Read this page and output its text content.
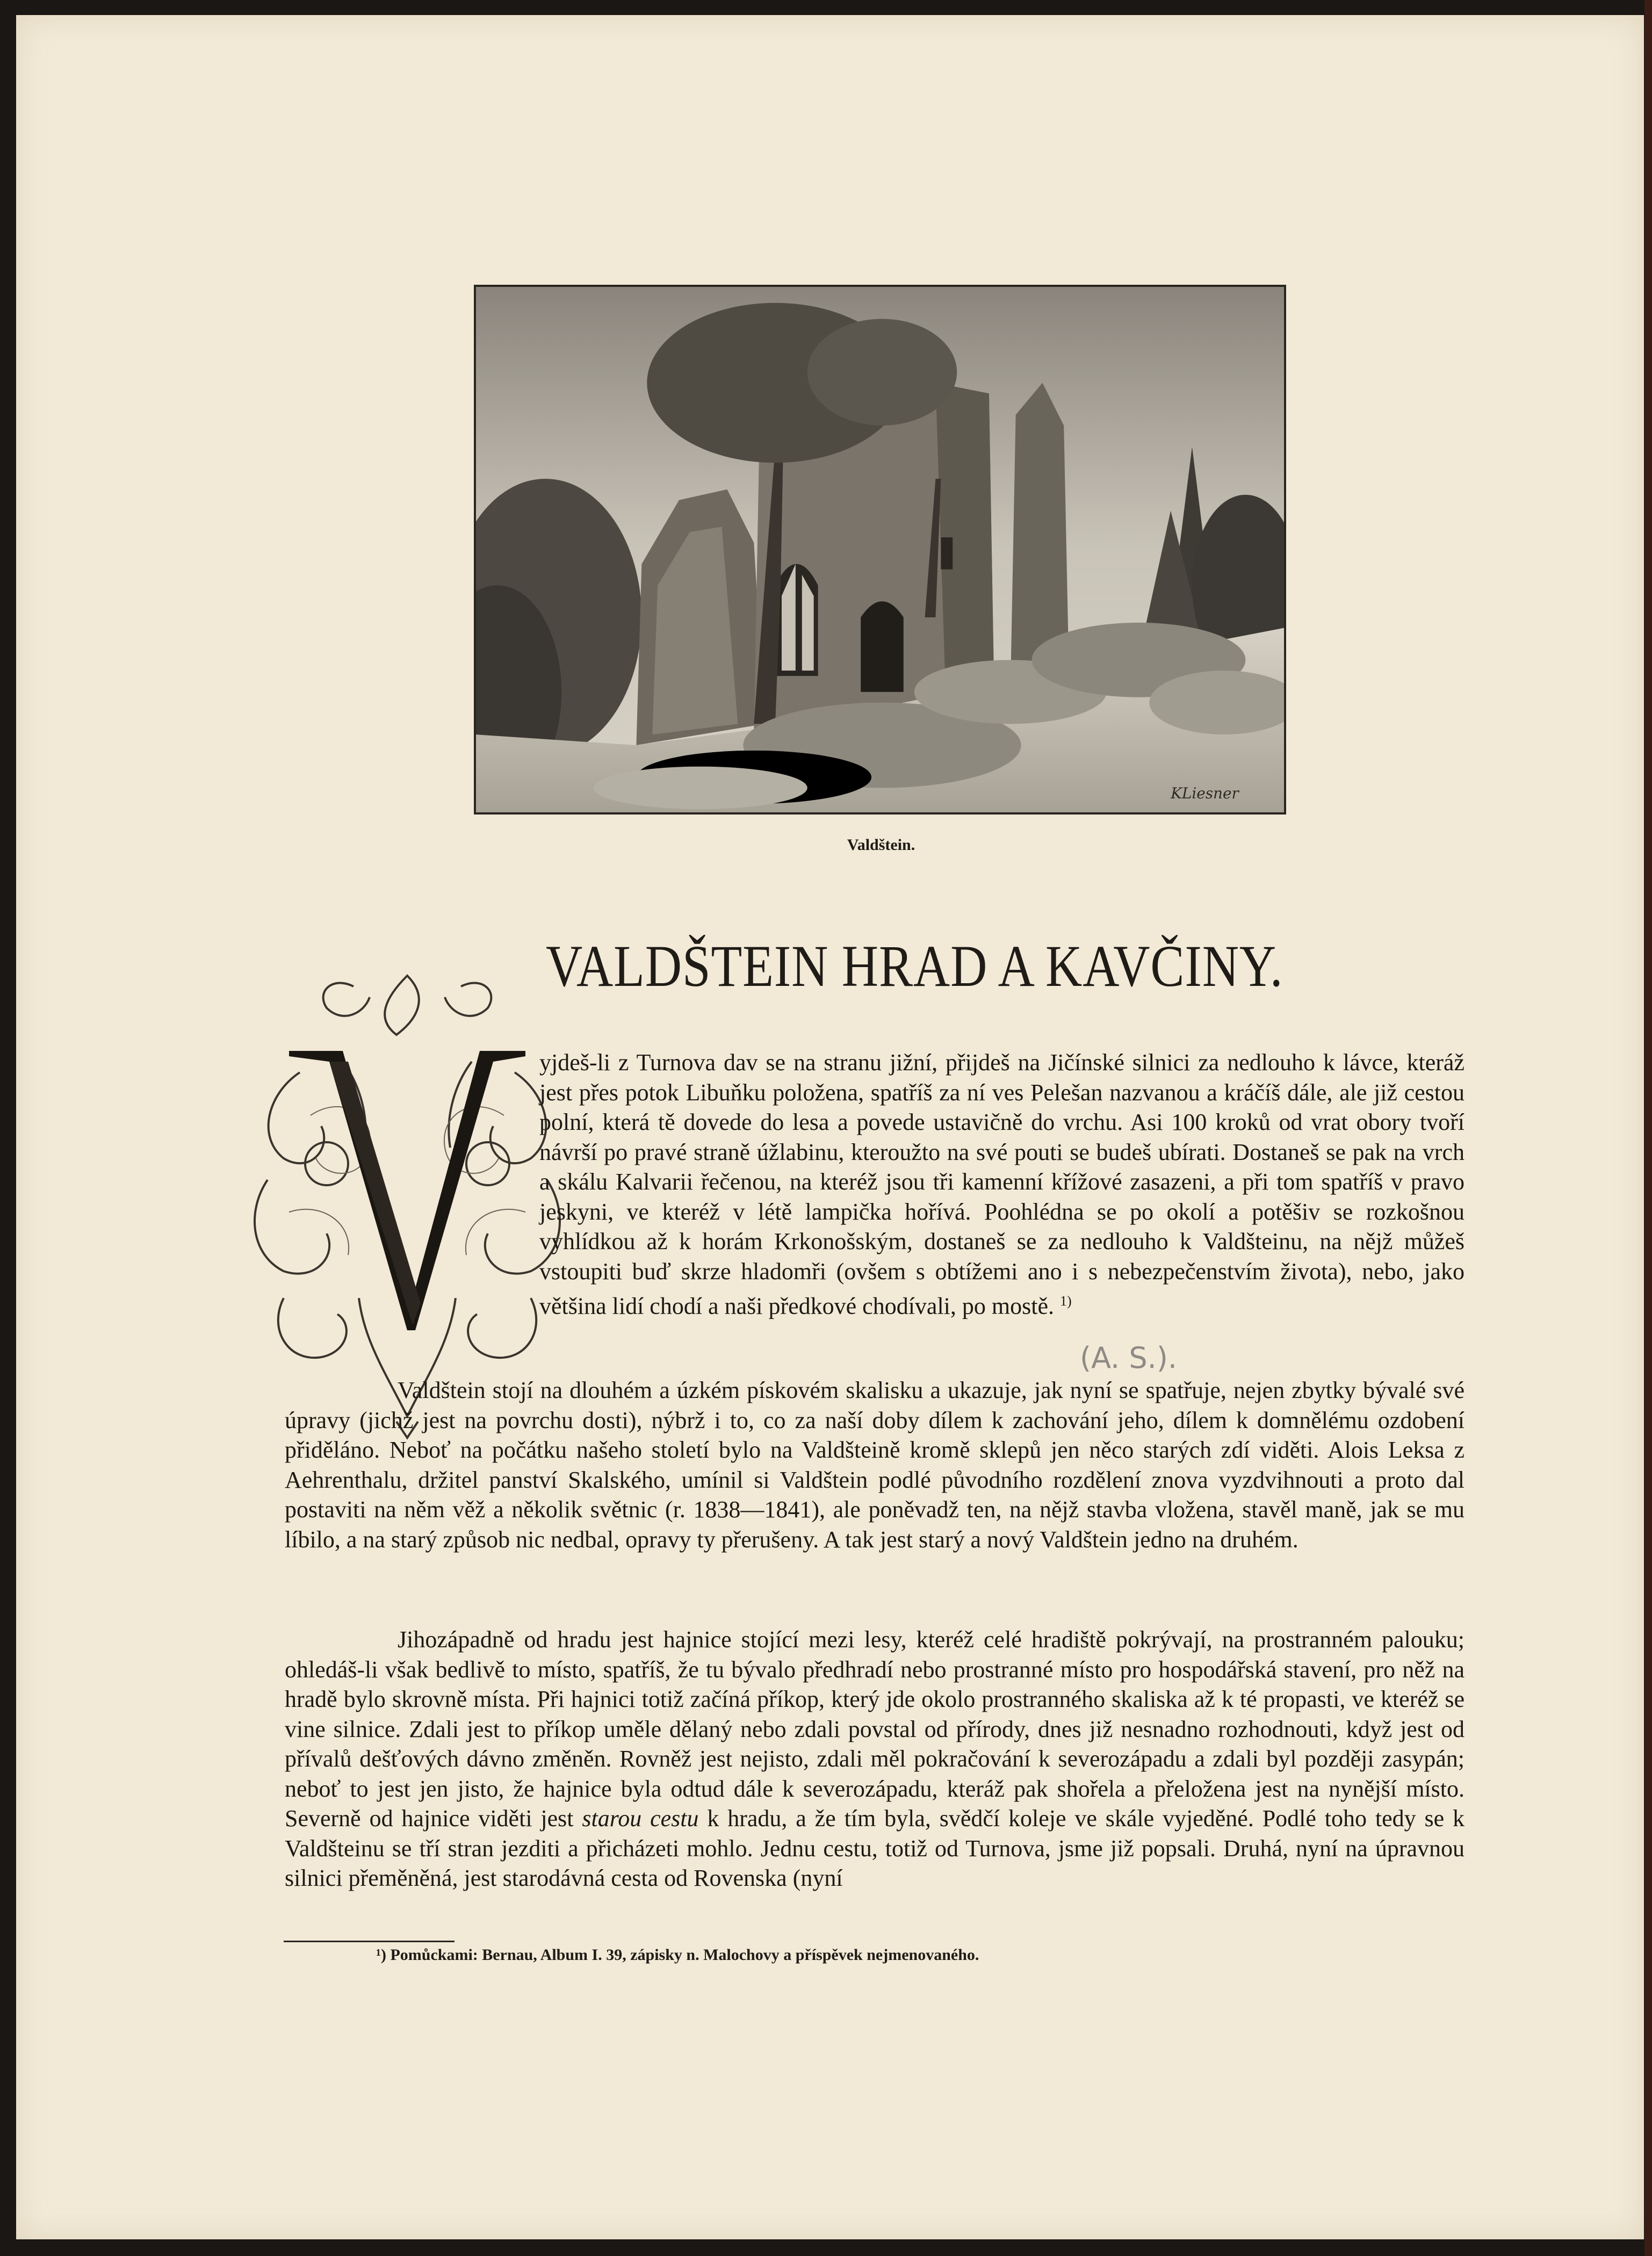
KLiesner
Valdštein.
VALDŠTEIN HRAD A KAVČINY.

yjdeš-li z Turnova dav se na stranu jižní, přijdeš na Jičínské silnici za nedlouho k lávce, kteráž jest přes potok Libuňku položena, spatříš za ní ves Pelešan nazvanou a kráčíš dále, ale již cestou polní, která tě dovede do lesa a povede ustavičně do vrchu. Asi 100 kroků od vrat obory tvoří návrší po pravé straně úžlabinu, kteroužto na své pouti se budeš ubírati. Dostaneš se pak na vrch a skálu Kalvarii řečenou, na kteréž jsou tři kamenní křížové zasazeni, a při tom spatříš v pravo jeskyni, ve kteréž v létě lampička hořívá. Poohlédna se po okolí a potěšiv se rozkošnou vyhlídkou až k horám Krkonošským, dostaneš se za nedlouho k Valdšteinu, na nějž můžeš vstoupiti buď skrze hladomři (ovšem s obtížemi ano i s nebezpečenstvím života), nebo, jako většina lidí chodí a naši předkové chodívali, po mostě. $^{1)}$

(A. S.).

Valdštein stojí na dlouhém a úzkém pískovém skalisku a ukazuje, jak nyní se spatřuje, nejen zbytky bývalé své úpravy (jichž jest na povrchu dosti), nýbrž i to, co za naší doby dílem k zachování jeho, dílem k domnělému ozdobení přiděláno. Neboť na počátku našeho století bylo na Valdšteině kromě sklepů jen něco starých zdí viděti. Alois Leksa z Aehrenthalu, držitel panství Skalského, umínil si Valdštein podlé původního rozdělení znova vyzdvihnouti a proto dal postaviti na něm věž a několik světnic (r. 1838—1841), ale poněvadž ten, na nějž stavba vložena, stavěl maně, jak se mu líbilo, a na starý způsob nic nedbal, opravy ty přerušeny. A tak jest starý a nový Valdštein jedno na druhém.

Jihozápadně od hradu jest hajnice stojící mezi lesy, kteréž celé hradiště pokrývají, na prostranném palouku; ohledáš-li však bedlivě to místo, spatříš, že tu bývalo předhradí nebo prostranné místo pro hospodářská stavení, pro něž na hradě bylo skrovně místa. Při hajnici totiž začíná příkop, který jde okolo prostranného skaliska až k té propasti, ve kteréž se vine silnice. Zdali jest to příkop uměle dělaný nebo zdali povstal od přírody, dnes již nesnadno rozhodnouti, když jest od přívalů dešťových dávno změněn. Rovněž jest nejisto, zdali měl pokračování k severozápadu a zdali byl později zasypán; neboť to jest jen jisto, že hajnice byla odtud dále k severozápadu, kteráž pak shořela a přeložena jest na nynější místo. Severně od hajnice viděti jest starou cestu k hradu, a že tím byla, svědčí koleje ve skále vyjeděné. Podlé toho tedy se k Valdšteinu se tří stran jezditi a přicházeti mohlo. Jednu cestu, totiž od Turnova, jsme již popsali. Druhá, nyní na úpravnou silnici přeměněná, jest starodávná cesta od Rovenska (nyní

¹) Pomůckami: Bernau, Album I. 39, zápisky n. Malochovy a příspěvek nejmenovaného.
